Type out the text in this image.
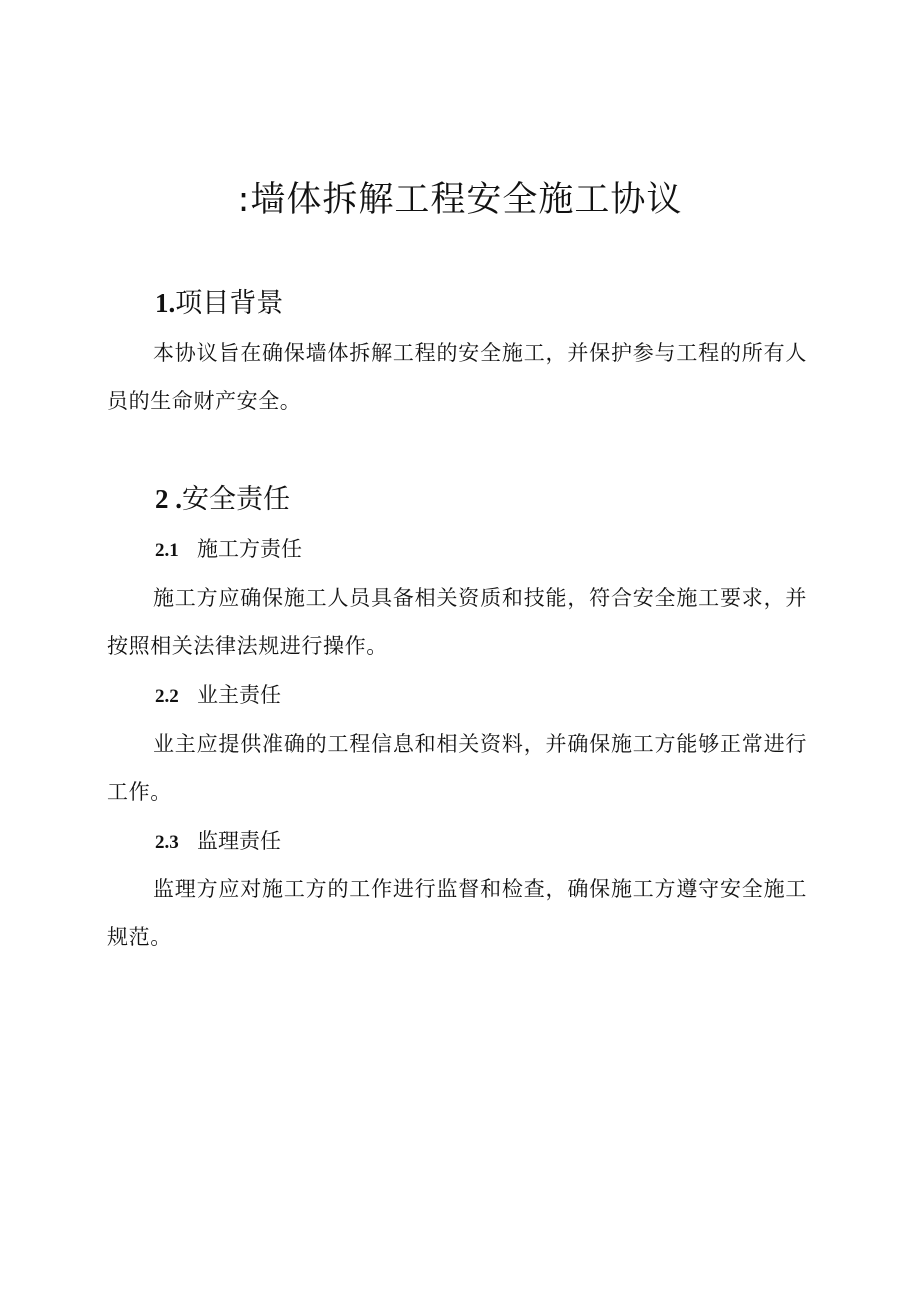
:墙体拆解工程安全施工协议
1.项目背景

本协议旨在确保墙体拆解工程的安全施工，并保护参与工程的所有人员的生命财产安全。

2 .安全责任
2.1 施工方责任

施工方应确保施工人员具备相关资质和技能，符合安全施工要求，并按照相关法律法规进行操作。

2.2 业主责任

业主应提供准确的工程信息和相关资料，并确保施工方能够正常进行工作。

2.3 监理责任

监理方应对施工方的工作进行监督和检查，确保施工方遵守安全施工规范。
